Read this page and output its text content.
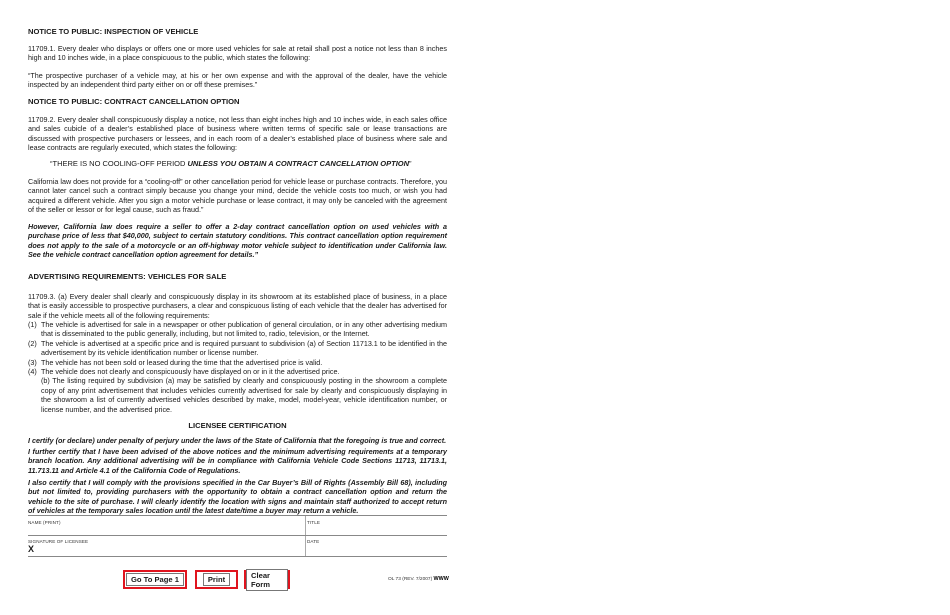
NOTICE TO PUBLIC: INSPECTION OF VEHICLE
11709.1. Every dealer who displays or offers one or more used vehicles for sale at retail shall post a notice not less than 8 inches high and 10 inches wide, in a place conspicuous to the public, which states the following:
“The prospective purchaser of a vehicle may, at his or her own expense and with the approval of the dealer, have the vehicle inspected by an independent third party either on or off these premises.”
NOTICE TO PUBLIC: CONTRACT CANCELLATION OPTION
11709.2. Every dealer shall conspicuously display a notice, not less than eight inches high and 10 inches wide, in each sales office and sales cubicle of a dealer’s established place of business where written terms of specific sale or lease transactions are discussed with prospective purchasers or lessees, and in each room of a dealer’s established place of business where sale and lease contracts are regularly executed, which states the following:
“THERE IS NO COOLING-OFF PERIOD UNLESS YOU OBTAIN A CONTRACT CANCELLATION OPTION”
California law does not provide for a “cooling-off” or other cancellation period for vehicle lease or purchase contracts. Therefore, you cannot later cancel such a contract simply because you change your mind, decide the vehicle costs too much, or wish you had acquired a different vehicle. After you sign a motor vehicle purchase or lease contract, it may only be canceled with the agreement of the seller or lessor or for legal cause, such as fraud.”
However, California law does require a seller to offer a 2-day contract cancellation option on used vehicles with a purchase price of less that $40,000, subject to certain statutory conditions. This contract cancellation option requirement does not apply to the sale of a motorcycle or an off-highway motor vehicle subject to identification under California law. See the vehicle contract cancellation option agreement for details.”
ADVERTISING REQUIREMENTS: VEHICLES FOR SALE
11709.3. (a) Every dealer shall clearly and conspicuously display in its showroom at its established place of business, in a place that is easily accessible to prospective purchasers, a clear and conspicuous listing of each vehicle that the dealer has advertised for sale if the vehicle meets all of the following requirements:
(1) The vehicle is advertised for sale in a newspaper or other publication of general circulation, or in any other advertising medium that is disseminated to the public generally, including, but not limited to, radio, television, or the Internet.
(2) The vehicle is advertised at a specific price and is required pursuant to subdivision (a) of Section 11713.1 to be identified in the advertisement by its vehicle identification number or license number.
(3) The vehicle has not been sold or leased during the time that the advertised price is valid.
(4) The vehicle does not clearly and conspicuously have displayed on or in it the advertised price.
(b) The listing required by subdivision (a) may be satisfied by clearly and conspicuously posting in the showroom a complete copy of any print advertisement that includes vehicles currently advertised for sale by clearly and conspicuously displaying in the showroom a list of currently advertised vehicles described by make, model, model-year, vehicle identification number, or license number, and the advertised price.
LICENSEE CERTIFICATION
I certify (or declare) under penalty of perjury under the laws of the State of California that the foregoing is true and correct.
I further certify that I have been advised of the above notices and the minimum advertising requirements at a temporary branch location. Any additional advertising will be in compliance with California Vehicle Code Sections 11713, 11713.1, 11.713.11 and Article 4.1 of the California Code of Regulations.
I also certify that I will comply with the provisions specified in the Car Buyer’s Bill of Rights (Assembly Bill 68), including but not limited to, providing purchasers with the opportunity to obtain a contract cancellation option and return the vehicle to the site of purchase. I will clearly identify the location with signs and maintain staff authorized to accept return of vehicles at the temporary sales location until the latest date/time a buyer may return a vehicle.
NAME (PRINT)	TITLE
SIGNATURE OF LICENSEE	DATE
X
Go To Page 1	Print	Clear Form	OL 73 (REV. 7/2007) WWW
